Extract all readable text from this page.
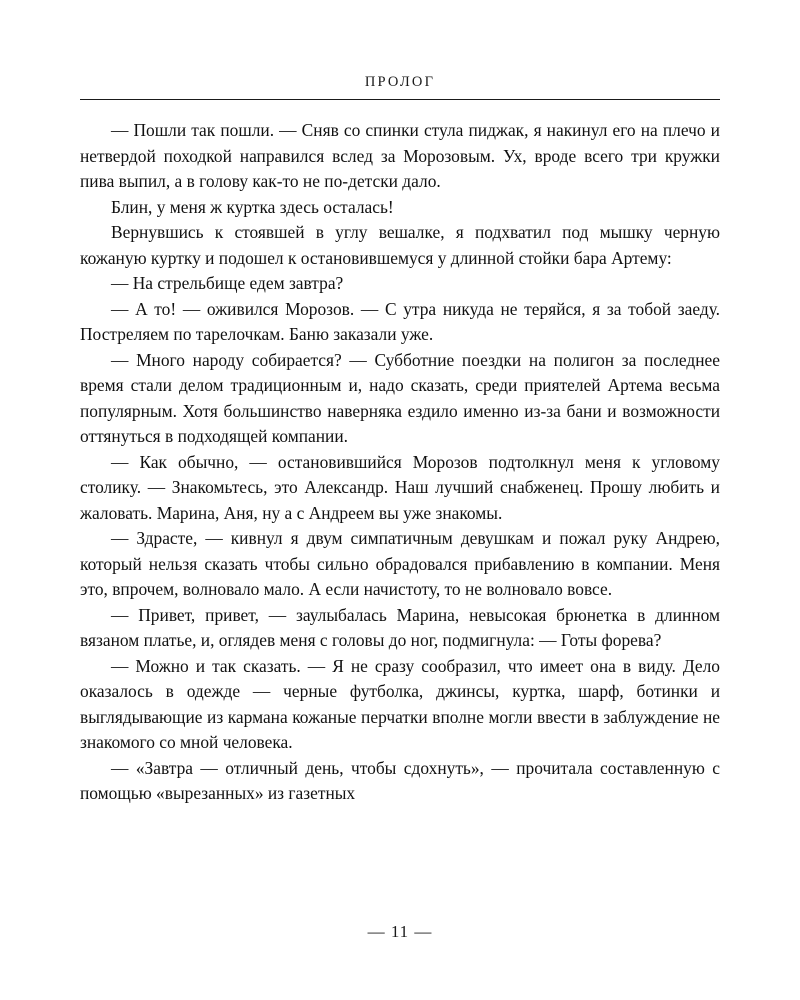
ПРОЛОГ

— Пошли так пошли. — Сняв со спинки стула пиджак, я накинул его на плечо и нетвердой походкой направился вслед за Морозовым. Ух, вроде всего три кружки пива выпил, а в голову как-то не по-детски дало.

Блин, у меня ж куртка здесь осталась!

Вернувшись к стоявшей в углу вешалке, я подхватил под мышку черную кожаную куртку и подошел к остановившемуся у длинной стойки бара Артему:

— На стрельбище едем завтра?

— А то! — оживился Морозов. — С утра никуда не теряйся, я за тобой заеду. Постреляем по тарелочкам. Баню заказали уже.

— Много народу собирается? — Субботние поездки на полигон за последнее время стали делом традиционным и, надо сказать, среди приятелей Артема весьма популярным. Хотя большинство наверняка ездило именно из-за бани и возможности оттянуться в подходящей компании.

— Как обычно, — остановившийся Морозов подтолкнул меня к угловому столику. — Знакомьтесь, это Александр. Наш лучший снабженец. Прошу любить и жаловать. Марина, Аня, ну а с Андреем вы уже знакомы.

— Здрасте, — кивнул я двум симпатичным девушкам и пожал руку Андрею, который нельзя сказать чтобы сильно обрадовался прибавлению в компании. Меня это, впрочем, волновало мало. А если начистоту, то не волновало вовсе.

— Привет, привет, — заулыбалась Марина, невысокая брюнетка в длинном вязаном платье, и, оглядев меня с головы до ног, подмигнула: — Готы форева?

— Можно и так сказать. — Я не сразу сообразил, что имеет она в виду. Дело оказалось в одежде — черные футболка, джинсы, куртка, шарф, ботинки и выглядывающие из кармана кожаные перчатки вполне могли ввести в заблуждение не знакомого со мной человека.

— «Завтра — отличный день, чтобы сдохнуть», — прочитала составленную с помощью «вырезанных» из газетных

— 11 —
